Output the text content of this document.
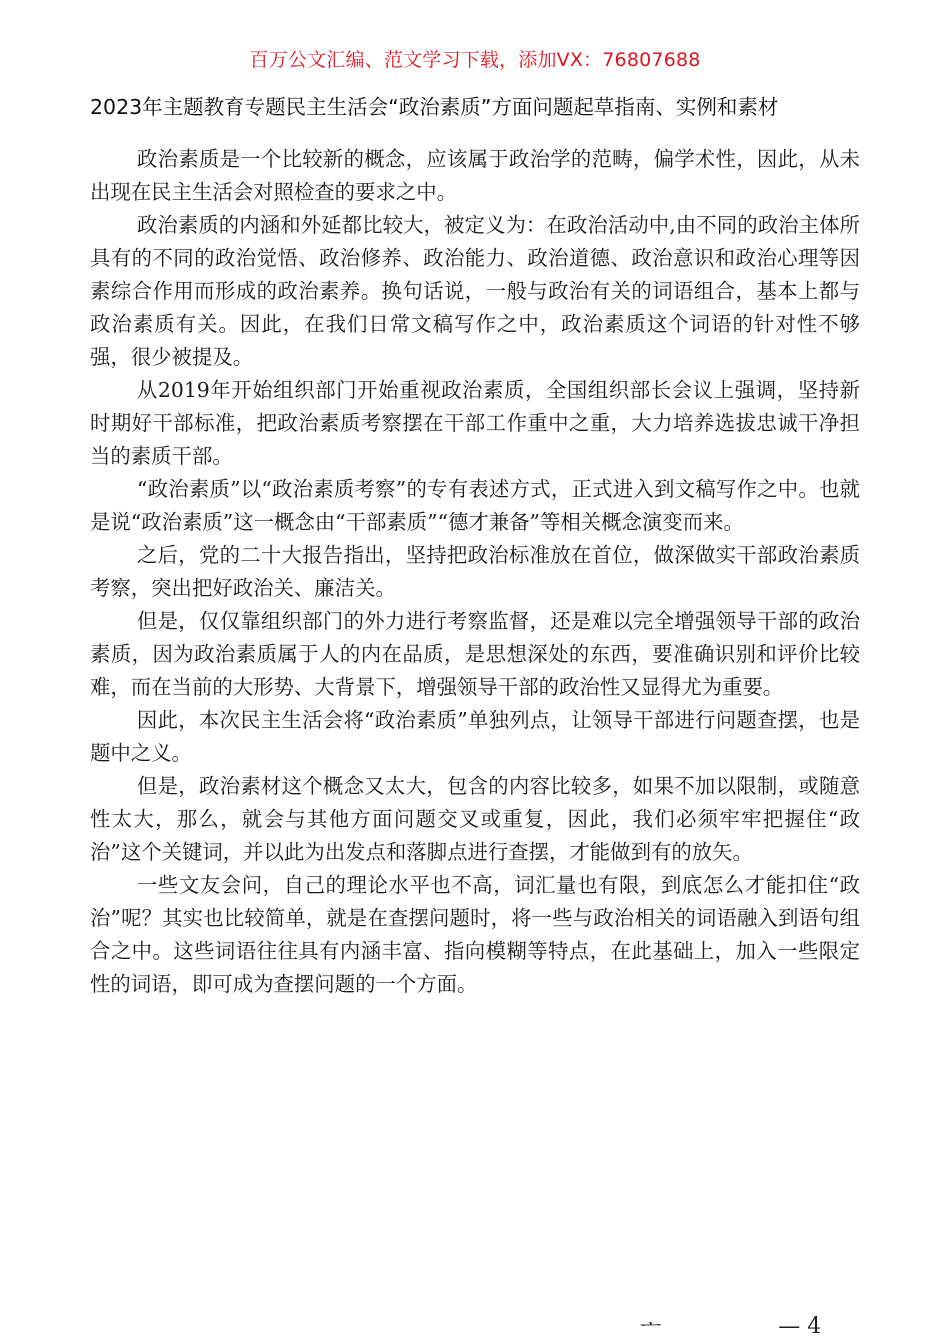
百万公文汇编、范文学习下载，添加VX：76807688
2023年主题教育专题民主生活会“政治素质”方面问题起草指南、实例和素材

政治素质是一个比较新的概念，应该属于政治学的范畴，偏学术性，因此，从未出现在民主生活会对照检查的要求之中。

政治素质的内涵和外延都比较大，被定义为：在政治活动中,由不同的政治主体所具有的不同的政治觉悟、政治修养、政治能力、政治道德、政治意识和政治心理等因素综合作用而形成的政治素养。换句话说，一般与政治有关的词语组合，基本上都与政治素质有关。因此，在我们日常文稿写作之中，政治素质这个词语的针对性不够强，很少被提及。

从2019年开始组织部门开始重视政治素质，全国组织部长会议上强调，坚持新时期好干部标准，把政治素质考察摆在干部工作重中之重，大力培养选拔忠诚干净担当的素质干部。

“政治素质”以“政治素质考察”的专有表述方式，正式进入到文稿写作之中。也就是说“政治素质”这一概念由“干部素质”“德才兼备”等相关概念演变而来。

之后，党的二十大报告指出，坚持把政治标准放在首位，做深做实干部政治素质考察，突出把好政治关、廉洁关。

但是，仅仅靠组织部门的外力进行考察监督，还是难以完全增强领导干部的政治素质，因为政治素质属于人的内在品质，是思想深处的东西，要准确识别和评价比较难，而在当前的大形势、大背景下，增强领导干部的政治性又显得尤为重要。

因此，本次民主生活会将“政治素质”单独列点，让领导干部进行问题查摆，也是题中之义。

但是，政治素材这个概念又太大，包含的内容比较多，如果不加以限制，或随意性太大，那么，就会与其他方面问题交叉或重复，因此，我们必须牢牢把握住“政治”这个关键词，并以此为出发点和落脚点进行查摆，才能做到有的放矢。

一些文友会问，自己的理论水平也不高，词汇量也有限，到底怎么才能扣住“政治”呢？其实也比较简单，就是在查摆问题时，将一些与政治相关的词语融入到语句组合之中。这些词语往往具有内涵丰富、指向模糊等特点，在此基础上，加入一些限定性的词语，即可成为查摆问题的一个方面。

ᅩ	— 4
